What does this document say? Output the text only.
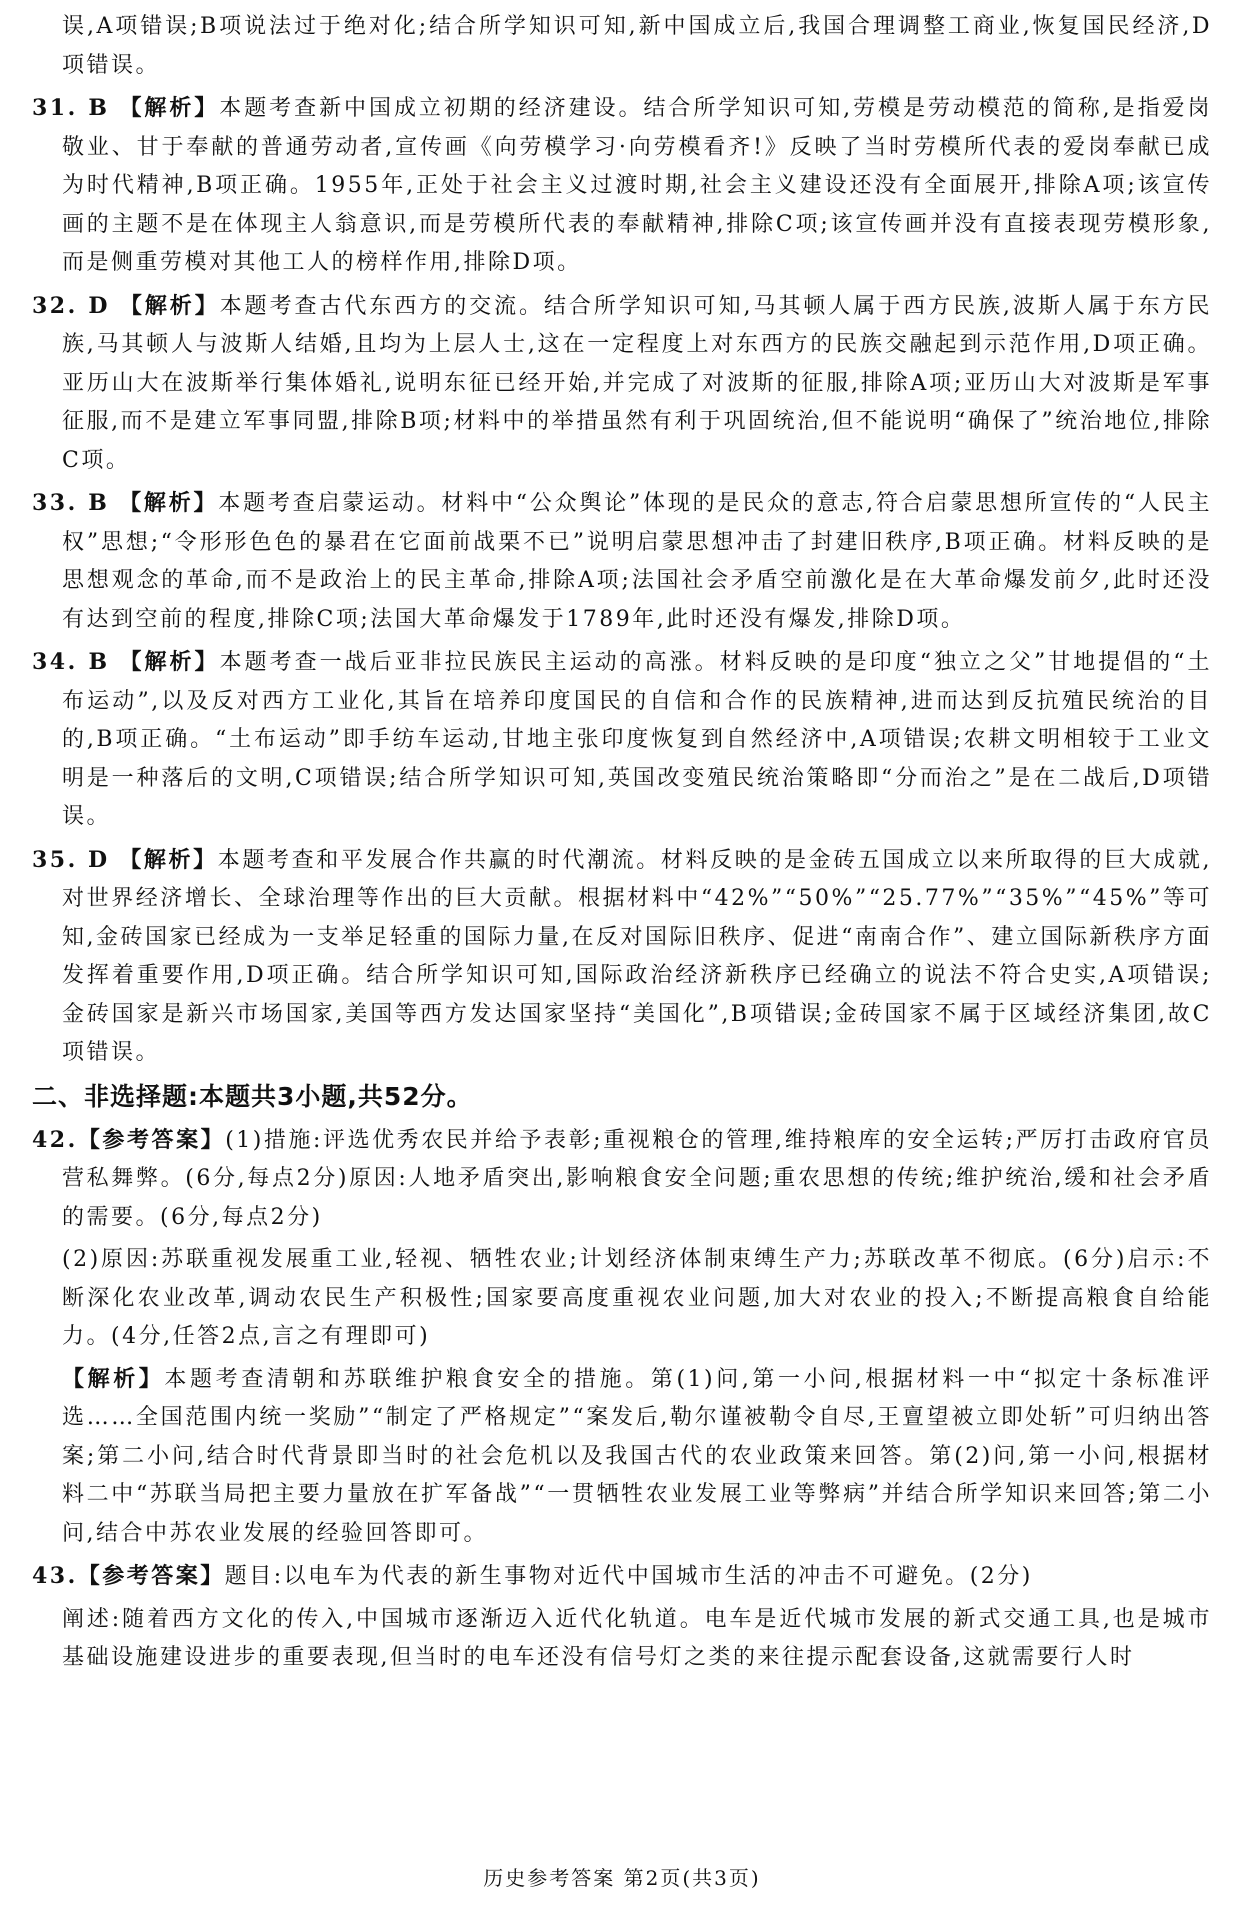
误,A项错误;B项说法过于绝对化;结合所学知识可知,新中国成立后,我国合理调整工商业,恢复国民经济,D项错误。

31. B 【解析】本题考查新中国成立初期的经济建设。结合所学知识可知,劳模是劳动模范的简称,是指爱岗敬业、甘于奉献的普通劳动者,宣传画《向劳模学习·向劳模看齐!》反映了当时劳模所代表的爱岗奉献已成为时代精神,B项正确。1955年,正处于社会主义过渡时期,社会主义建设还没有全面展开,排除A项;该宣传画的主题不是在体现主人翁意识,而是劳模所代表的奉献精神,排除C项;该宣传画并没有直接表现劳模形象,而是侧重劳模对其他工人的榜样作用,排除D项。

32. D 【解析】本题考查古代东西方的交流。结合所学知识可知,马其顿人属于西方民族,波斯人属于东方民族,马其顿人与波斯人结婚,且均为上层人士,这在一定程度上对东西方的民族交融起到示范作用,D项正确。亚历山大在波斯举行集体婚礼,说明东征已经开始,并完成了对波斯的征服,排除A项;亚历山大对波斯是军事征服,而不是建立军事同盟,排除B项;材料中的举措虽然有利于巩固统治,但不能说明“确保了”统治地位,排除C项。

33. B 【解析】本题考查启蒙运动。材料中“公众舆论”体现的是民众的意志,符合启蒙思想所宣传的“人民主权”思想;“令形形色色的暴君在它面前战栗不已”说明启蒙思想冲击了封建旧秩序,B项正确。材料反映的是思想观念的革命,而不是政治上的民主革命,排除A项;法国社会矛盾空前激化是在大革命爆发前夕,此时还没有达到空前的程度,排除C项;法国大革命爆发于1789年,此时还没有爆发,排除D项。

34. B 【解析】本题考查一战后亚非拉民族民主运动的高涨。材料反映的是印度“独立之父”甘地提倡的“土布运动”,以及反对西方工业化,其旨在培养印度国民的自信和合作的民族精神,进而达到反抗殖民统治的目的,B项正确。“土布运动”即手纺车运动,甘地主张印度恢复到自然经济中,A项错误;农耕文明相较于工业文明是一种落后的文明,C项错误;结合所学知识可知,英国改变殖民统治策略即“分而治之”是在二战后,D项错误。

35. D 【解析】本题考查和平发展合作共赢的时代潮流。材料反映的是金砖五国成立以来所取得的巨大成就,对世界经济增长、全球治理等作出的巨大贡献。根据材料中“42%”“50%”“25.77%”“35%”“45%”等可知,金砖国家已经成为一支举足轻重的国际力量,在反对国际旧秩序、促进“南南合作”、建立国际新秩序方面发挥着重要作用,D项正确。结合所学知识可知,国际政治经济新秩序已经确立的说法不符合史实,A项错误;金砖国家是新兴市场国家,美国等西方发达国家坚持“美国化”,B项错误;金砖国家不属于区域经济集团,故C项错误。

二、非选择题:本题共3小题,共52分。

42.【参考答案】(1)措施:评选优秀农民并给予表彰;重视粮仓的管理,维持粮库的安全运转;严厉打击政府官员营私舞弊。(6分,每点2分)原因:人地矛盾突出,影响粮食安全问题;重农思想的传统;维护统治,缓和社会矛盾的需要。(6分,每点2分)

(2)原因:苏联重视发展重工业,轻视、牺牲农业;计划经济体制束缚生产力;苏联改革不彻底。(6分)启示:不断深化农业改革,调动农民生产积极性;国家要高度重视农业问题,加大对农业的投入;不断提高粮食自给能力。(4分,任答2点,言之有理即可)

【解析】本题考查清朝和苏联维护粮食安全的措施。第(1)问,第一小问,根据材料一中“拟定十条标准评选……全国范围内统一奖励”“制定了严格规定”“案发后,勒尔谨被勒令自尽,王亶望被立即处斩”可归纳出答案;第二小问,结合时代背景即当时的社会危机以及我国古代的农业政策来回答。第(2)问,第一小问,根据材料二中“苏联当局把主要力量放在扩军备战”“一贯牺牲农业发展工业等弊病”并结合所学知识来回答;第二小问,结合中苏农业发展的经验回答即可。

43.【参考答案】题目:以电车为代表的新生事物对近代中国城市生活的冲击不可避免。(2分)

阐述:随着西方文化的传入,中国城市逐渐迈入近代化轨道。电车是近代城市发展的新式交通工具,也是城市基础设施建设进步的重要表现,但当时的电车还没有信号灯之类的来往提示配套设备,这就需要行人时

历史参考答案 第2页(共3页)
